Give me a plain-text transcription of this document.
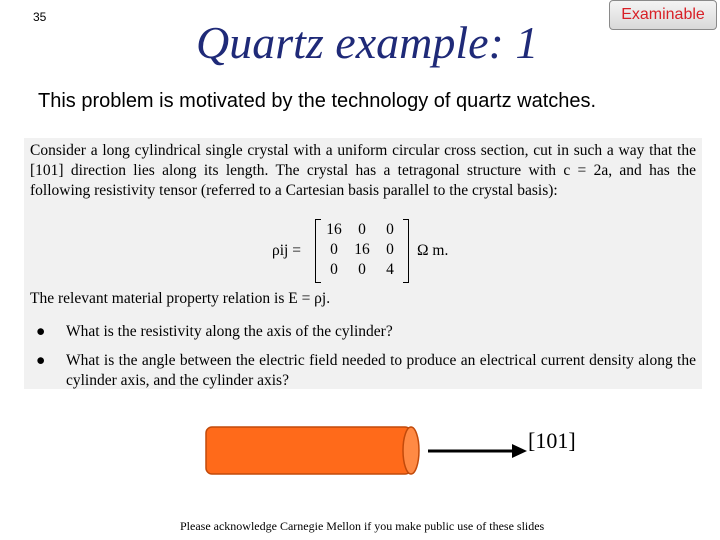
35	Quartz example: 1
Examinable
This problem is motivated by the technology of quartz watches.

Consider a long cylindrical single crystal with a uniform circular cross section, cut in such a way that the [101] direction lies along its length. The crystal has a tetragonal structure with c = 2a, and has the following resistivity tensor (referred to a Cartesian basis parallel to the crystal basis):

ρij =
16	0	0
0	16	0
0	0	4
Ω m.

The relevant material property relation is E = ρj.

● What is the resistivity along the axis of the cylinder?
● What is the angle between the electric field needed to produce an electrical current density along the cylinder axis, and the cylinder axis?
[101]
Please acknowledge Carnegie Mellon if you make public use of these slides
